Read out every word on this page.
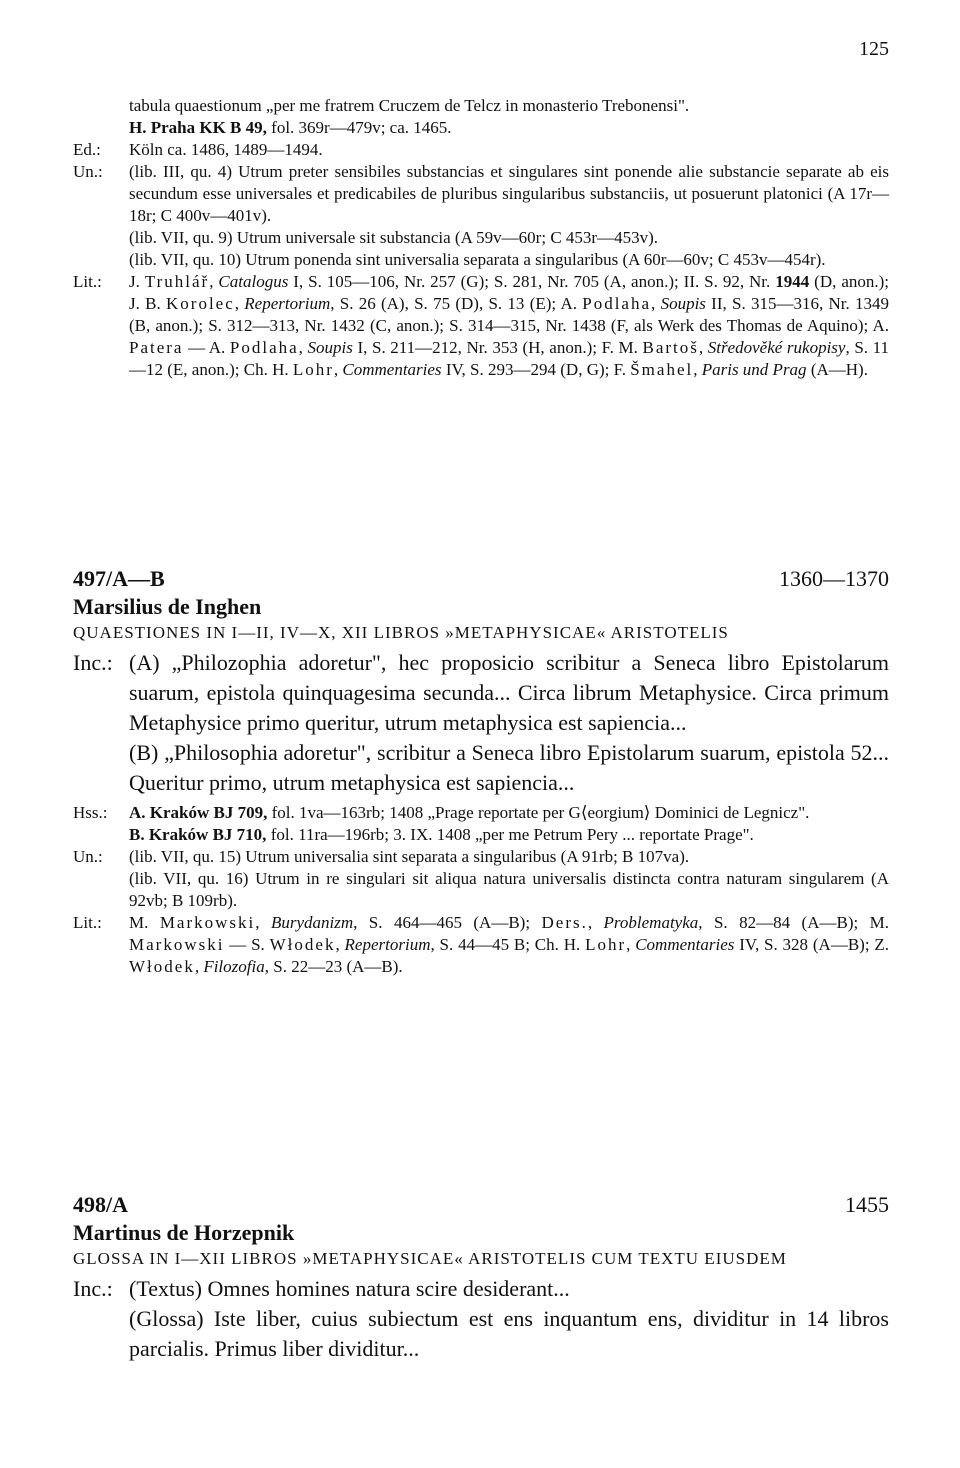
125
tabula quaestionum „per me fratrem Cruczem de Telcz in monasterio Trebonensi".
H. Praha KK B 49, fol. 369r—479v; ca. 1465.
Ed.:	Köln ca. 1486, 1489—1494.
Un.:	(lib. III, qu. 4) Utrum preter sensibiles substancias et singulares sint ponende alie substancie separate ab eis secundum esse universales et predicabiles de pluribus singularibus substanciis, ut posuerunt platonici (A 17r—18r; C 400v—401v).
(lib. VII, qu. 9) Utrum universale sit substancia (A 59v—60r; C 453r—453v).
(lib. VII, qu. 10) Utrum ponenda sint universalia separata a singularibus (A 60r—60v; C 453v—454r).
Lit.:	J. Truhlář, Catalogus I, S. 105—106, Nr. 257 (G); S. 281, Nr. 705 (A, anon.); II. S. 92, Nr. 1944 (D, anon.); J. B. Korolec, Repertorium, S. 26 (A), S. 75 (D), S. 13 (E); A. Podlaha, Soupis II, S. 315—316, Nr. 1349 (B, anon.); S. 312—313, Nr. 1432 (C, anon.); S. 314—315, Nr. 1438 (F, als Werk des Thomas de Aquino); A. Patera — A. Podlaha, Soupis I, S. 211—212, Nr. 353 (H, anon.); F. M. Bartoš, Středověké rukopisy, S. 11—12 (E, anon.); Ch. H. Lohr, Commentaries IV, S. 293—294 (D, G); F. Šmahel, Paris und Prag (A—H).
497/A—B	1360—1370
Marsilius de Inghen
QUAESTIONES IN I—II, IV—X, XII LIBROS »METAPHYSICAE« ARISTOTELIS
Inc.: (A) „Philozophia adoretur", hec proposicio scribitur a Seneca libro Epistolarum suarum, epistola quinquagesima secunda... Circa librum Metaphysice. Circa primum Metaphysice primo queritur, utrum metaphysica est sapiencia...
(B) „Philosophia adoretur", scribitur a Seneca libro Epistolarum suarum, epistola 52... Queritur primo, utrum metaphysica est sapiencia...
Hss.:	A. Kraków BJ 709, fol. 1va—163rb; 1408 „Prage reportate per G⟨eorgium⟩ Dominici de Legnicz".
B. Kraków BJ 710, fol. 11ra—196rb; 3. IX. 1408 „per me Petrum Pery ... reportate Prage".
Un.:	(lib. VII, qu. 15) Utrum universalia sint separata a singularibus (A 91rb; B 107va).
(lib. VII, qu. 16) Utrum in re singulari sit aliqua natura universalis distincta contra naturam singularem (A 92vb; B 109rb).
Lit.:	M. Markowski, Burydanizm, S. 464—465 (A—B); Ders., Problematyka, S. 82—84 (A—B); M. Markowski — S. Włodek, Repertorium, S. 44—45 B; Ch. H. Lohr, Commentaries IV, S. 328 (A—B); Z. Włodek, Filozofia, S. 22—23 (A—B).
498/A	1455
Martinus de Horzepnik
GLOSSA IN I—XII LIBROS »METAPHYSICAE« ARISTOTELIS CUM TEXTU EIUSDEM
Inc.: (Textus) Omnes homines natura scire desiderant...
(Glossa) Iste liber, cuius subiectum est ens inquantum ens, dividitur in 14 libros parcialis. Primus liber dividitur...
